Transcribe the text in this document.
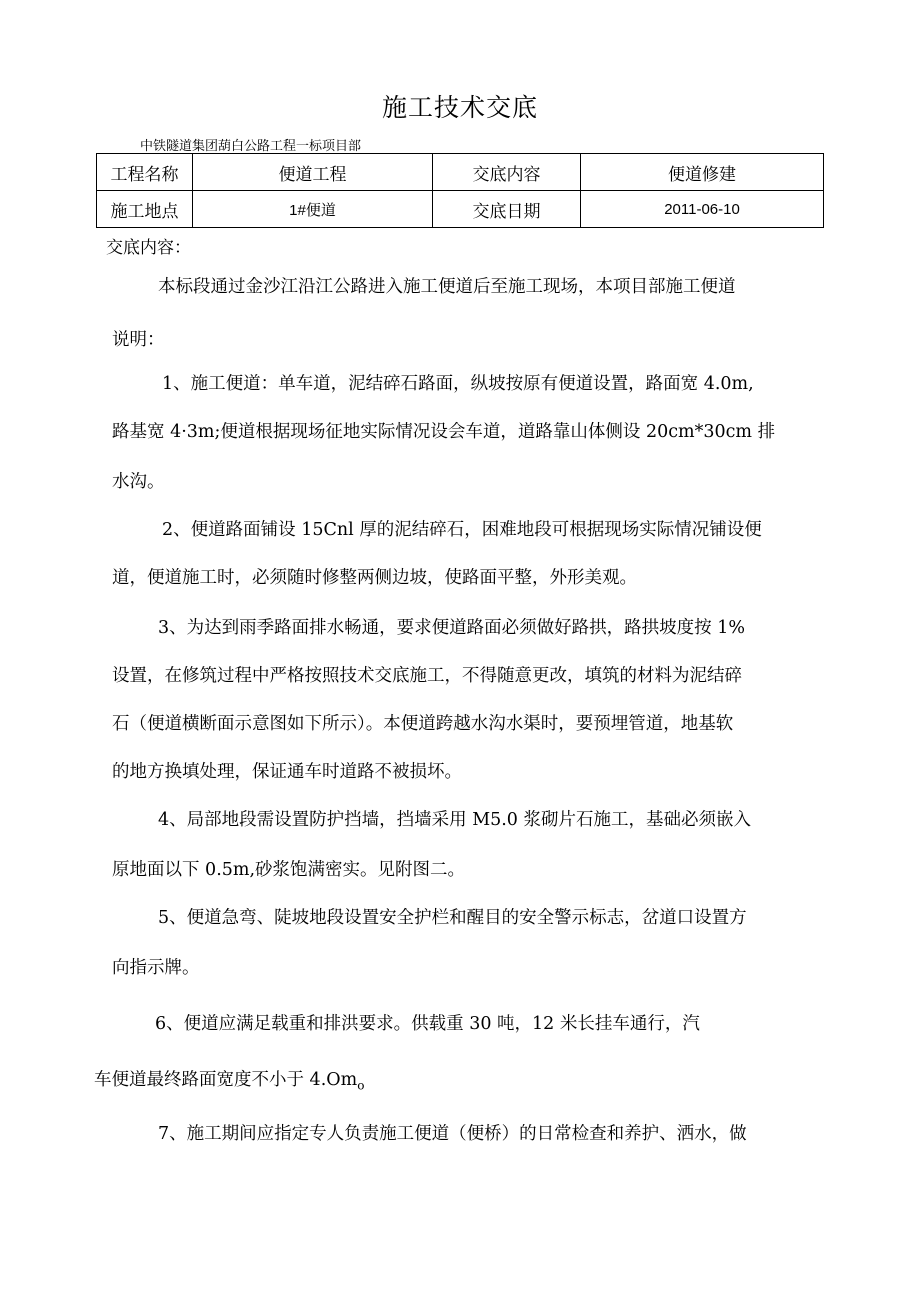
施工技术交底
中铁隧道集团葫白公路工程一标项目部
工程名称	便道工程	交底内容	便道修建
施工地点	1#便道	交底日期	2011-06-10
交底内容：
本标段通过金沙江沿江公路进入施工便道后至施工现场，本项目部施工便道
说明：
1、施工便道：单车道，泥结碎石路面，纵坡按原有便道设置，路面宽 4.0m,
路基宽 4·3m;便道根据现场征地实际情况设会车道，道路靠山体侧设 20cm*30cm 排
水沟。
2、便道路面铺设 15Cnl 厚的泥结碎石，困难地段可根据现场实际情况铺设便
道，便道施工时，必须随时修整两侧边坡，使路面平整，外形美观。
3、为达到雨季路面排水畅通，要求便道路面必须做好路拱，路拱坡度按 1%
设置，在修筑过程中严格按照技术交底施工，不得随意更改，填筑的材料为泥结碎
石（便道横断面示意图如下所示）。本便道跨越水沟水渠时，要预埋管道，地基软
的地方换填处理，保证通车时道路不被损坏。
4、局部地段需设置防护挡墙，挡墙采用 M5.0 浆砌片石施工，基础必须嵌入
原地面以下 0.5m,砂浆饱满密实。见附图二。
5、便道急弯、陡坡地段设置安全护栏和醒目的安全警示标志，岔道口设置方
向指示牌。
6、便道应满足载重和排洪要求。供载重 30 吨，12 米长挂车通行，汽
车便道最终路面宽度不小于 $4.Om_o$
7、施工期间应指定专人负责施工便道（便桥）的日常检查和养护、洒水，做
